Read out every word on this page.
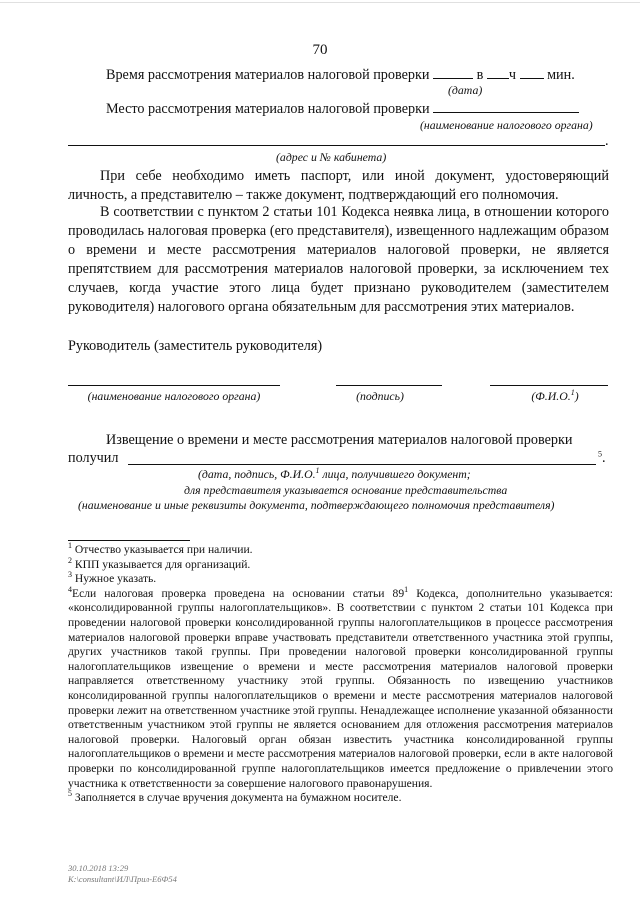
70
Время рассмотрения материалов налоговой проверки	в ч мин.
(дата)
Место рассмотрения материалов налоговой проверки
(наименование налогового органа)
.
(адрес и № кабинета)
При себе необходимо иметь паспорт, или иной документ, удостоверяющий личность, а представителю – также документ, подтверждающий его полномочия.
В соответствии с пунктом 2 статьи 101 Кодекса неявка лица, в отношении которого проводилась налоговая проверка (его представителя), извещенного надлежащим образом о времени и месте рассмотрения материалов налоговой проверки, не является препятствием для рассмотрения материалов налоговой проверки, за исключением тех случаев, когда участие этого лица будет признано руководителем (заместителем руководителя) налогового органа обязательным для рассмотрения этих материалов.
Руководитель (заместитель руководителя)
(наименование налогового органа)	(подпись)	(Ф.И.О.$^1$)
Извещение о времени и месте рассмотрения материалов налоговой проверки
получил	$^5$.
(дата, подпись, Ф.И.О.$^1$ лица, получившего документ;
для представителя указывается основание представительства
(наименование и иные реквизиты документа, подтверждающего полномочия представителя)

$^1$ Отчество указывается при наличии.

$^2$ КПП указывается для организаций.

$^3$ Нужное указать.

$^4$Если налоговая проверка проведена на основании статьи $89^1$ Кодекса, дополнительно указывается: «консолидированной группы налогоплательщиков». В соответствии с пунктом 2 статьи 101 Кодекса при проведении налоговой проверки консолидированной группы налогоплательщиков в процессе рассмотрения материалов налоговой проверки вправе участвовать представители ответственного участника этой группы, других участников такой группы. При проведении налоговой проверки консолидированной группы налогоплательщиков извещение о времени и месте рассмотрения материалов налоговой проверки направляется ответственному участнику этой группы. Обязанность по извещению участников консолидированной группы налогоплательщиков о времени и месте рассмотрения материалов налоговой проверки лежит на ответственном участнике этой группы. Ненадлежащее исполнение указанной обязанности ответственным участником этой группы не является основанием для отложения рассмотрения материалов налоговой проверки. Налоговый орган обязан известить участника консолидированной группы налогоплательщиков о времени и месте рассмотрения материалов налоговой проверки, если в акте налоговой проверки по консолидированной группе налогоплательщиков имеется предложение о привлечении этого участника к ответственности за совершение налогового правонарушения.

$^5$ Заполняется в случае вручения документа на бумажном носителе.

30.10.2018 13:29
К:\consultant\ИЛ\Прил-Е6Ф54
